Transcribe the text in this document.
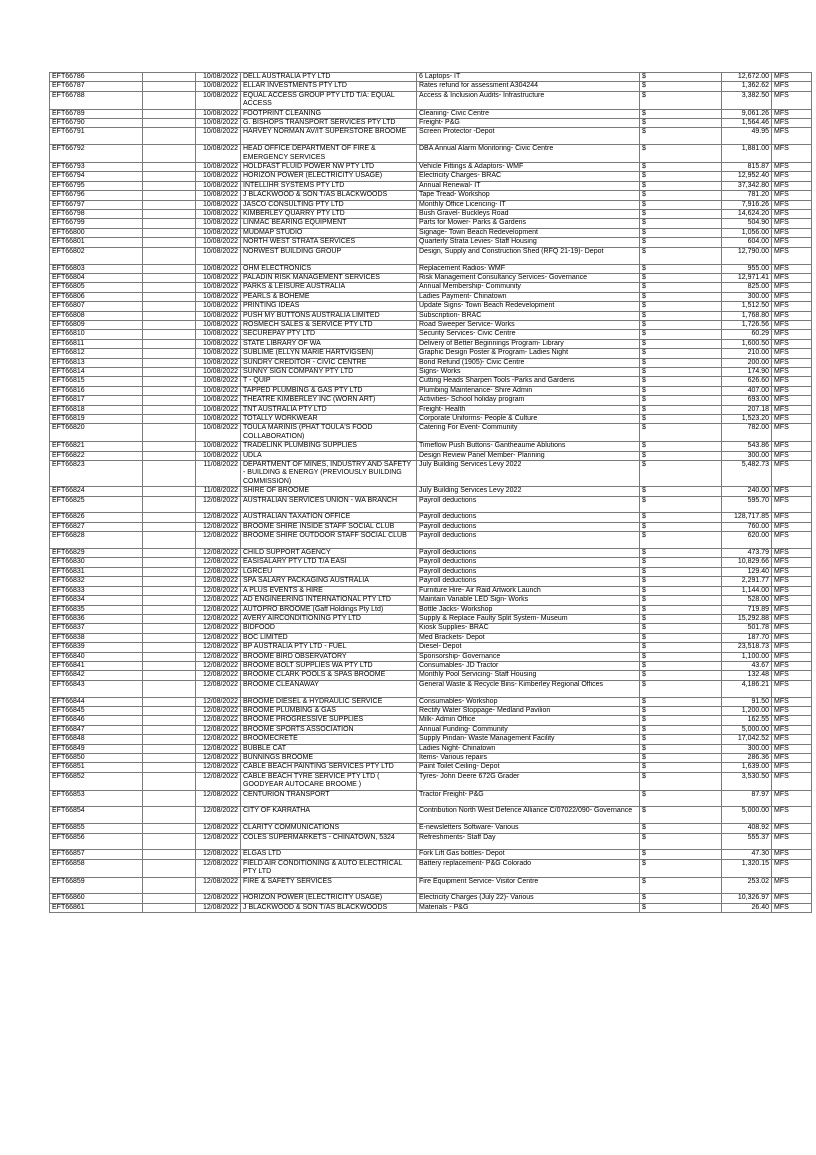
EFT66786		10/08/2022	DELL AUSTRALIA PTY LTD	6 Laptops- IT	$	12,672.00	MFS
EFT66787		10/08/2022	ELLAR INVESTMENTS PTY LTD	Rates refund for assessment A304244	$	1,362.62	MFS
EFT66788		10/08/2022	EQUAL ACCESS GROUP PTY LTD T/A: EQUAL ACCESS	Access & Inclusion Audits- Infrastructure	$	3,382.50	MFS
EFT66789		10/08/2022	FOOTPRINT CLEANING	Cleaning- Civic Centre	$	9,061.26	MFS
EFT66790		10/08/2022	G. BISHOPS TRANSPORT SERVICES PTY LTD	Freight- P&G	$	1,564.46	MFS
EFT66791		10/08/2022	HARVEY NORMAN AV/IT SUPERSTORE BROOME	Screen Protector -Depot	$	49.95	MFS
EFT66792		10/08/2022	HEAD OFFICE DEPARTMENT OF FIRE & EMERGENCY SERVICES	DBA Annual Alarm Monitoring- Civic Centre	$	1,881.00	MFS
EFT66793		10/08/2022	HOLDFAST FLUID POWER NW PTY LTD	Vehicle Fittings & Adaptors- WMF	$	815.87	MFS
EFT66794		10/08/2022	HORIZON POWER (ELECTRICITY USAGE)	Electricity Charges- BRAC	$	12,952.40	MFS
EFT66795		10/08/2022	INTELLIHR SYSTEMS PTY LTD	Annual Renewal- IT	$	37,342.80	MFS
EFT66796		10/08/2022	J BLACKWOOD & SON T/AS BLACKWOODS	Tape Tread- Workshop	$	781.20	MFS
EFT66797		10/08/2022	JASCO CONSULTING PTY LTD	Monthly Office Licencing- IT	$	7,916.26	MFS
EFT66798		10/08/2022	KIMBERLEY QUARRY PTY LTD	Bush Gravel- Buckleys Road	$	14,624.20	MFS
EFT66799		10/08/2022	LINMAC BEARING EQUIPMENT	Parts for Mower- Parks & Gardens	$	504.90	MFS
EFT66800		10/08/2022	MUDMAP STUDIO	Signage- Town Beach Redevelopment	$	1,056.00	MFS
EFT66801		10/08/2022	NORTH WEST STRATA SERVICES	Quarterly Strata Levies- Staff Housing	$	604.00	MFS
EFT66802		10/08/2022	NORWEST BUILDING GROUP	Design, Supply and Construction Shed (RFQ 21-19)- Depot	$	12,790.00	MFS
EFT66803		10/08/2022	OHM ELECTRONICS	Replacement Radios- WMF	$	955.00	MFS
EFT66804		10/08/2022	PALADIN RISK MANAGEMENT SERVICES	Risk Management Consultancy Services- Governance	$	12,971.41	MFS
EFT66805		10/08/2022	PARKS & LEISURE AUSTRALIA	Annual Membership- Community	$	825.00	MFS
EFT66806		10/08/2022	PEARLS & BOHEME	Ladies Payment- Chinatown	$	300.00	MFS
EFT66807		10/08/2022	PRINTING IDEAS	Update Signs- Town Beach Redevelopment	$	1,512.50	MFS
EFT66808		10/08/2022	PUSH MY BUTTONS AUSTRALIA LIMITED	Subscription- BRAC	$	1,768.80	MFS
EFT66809		10/08/2022	ROSMECH SALES & SERVICE PTY LTD	Road Sweeper Service- Works	$	1,726.56	MFS
EFT66810		10/08/2022	SECUREPAY PTY LTD	Security Services- Civic Centre	$	60.29	MFS
EFT66811		10/08/2022	STATE LIBRARY OF WA	Delivery of Better Beginnings Program- Library	$	1,600.50	MFS
EFT66812		10/08/2022	SUBLIME (ELLYN MARIE HARTVIGSEN)	Graphic Design Poster & Program- Ladies Night	$	210.00	MFS
EFT66813		10/08/2022	SUNDRY CREDITOR - CIVIC CENTRE	Bond Refund (1905)- Civic Centre	$	200.00	MFS
EFT66814		10/08/2022	SUNNY SIGN COMPANY PTY LTD	Signs- Works	$	174.90	MFS
EFT66815		10/08/2022	T - QUIP	Cutting Heads Sharpen Tools -Parks and Gardens	$	626.60	MFS
EFT66816		10/08/2022	TAPPED PLUMBING & GAS PTY LTD	Plumbing Maintenance- Shire Admin	$	407.00	MFS
EFT66817		10/08/2022	THEATRE KIMBERLEY INC (WORN ART)	Activities- School holiday program	$	693.00	MFS
EFT66818		10/08/2022	TNT AUSTRALIA PTY LTD	Freight- Health	$	207.18	MFS
EFT66819		10/08/2022	TOTALLY WORKWEAR	Corporate Uniforms- People & Culture	$	1,523.20	MFS
EFT66820		10/08/2022	TOULA MARINIS (PHAT TOULA'S FOOD COLLABORATION)	Catering For Event- Community	$	782.00	MFS
EFT66821		10/08/2022	TRADELINK PLUMBING SUPPLIES	Timeflow Push Buttons- Gantheaume Ablutions	$	543.86	MFS
EFT66822		10/08/2022	UDLA	Design Review Panel Member- Planning	$	300.00	MFS
EFT66823		11/08/2022	DEPARTMENT OF MINES, INDUSTRY AND SAFETY - BUILDING & ENERGY (PREVIOUSLY BUILDING COMMISSION)	July Building Services Levy 2022	$	5,482.73	MFS
EFT66824		11/08/2022	SHIRE OF BROOME	July Building Services Levy 2022	$	240.00	MFS
EFT66825		12/08/2022	AUSTRALIAN SERVICES UNION - WA BRANCH	Payroll deductions	$	595.70	MFS
EFT66826		12/08/2022	AUSTRALIAN TAXATION OFFICE	Payroll deductions	$	128,717.85	MFS
EFT66827		12/08/2022	BROOME SHIRE INSIDE STAFF SOCIAL CLUB	Payroll deductions	$	760.00	MFS
EFT66828		12/08/2022	BROOME SHIRE OUTDOOR STAFF SOCIAL CLUB	Payroll deductions	$	620.00	MFS
EFT66829		12/08/2022	CHILD SUPPORT AGENCY	Payroll deductions	$	473.79	MFS
EFT66830		12/08/2022	EASISALARY PTY LTD T/A EASI	Payroll deductions	$	10,829.66	MFS
EFT66831		12/08/2022	LGRCEU	Payroll deductions	$	129.40	MFS
EFT66832		12/08/2022	SPA SALARY PACKAGING AUSTRALIA	Payroll deductions	$	2,291.77	MFS
EFT66833		12/08/2022	A PLUS EVENTS & HIRE	Furniture Hire- Air Raid Artwork Launch	$	1,144.00	MFS
EFT66834		12/08/2022	AD ENGINEERING INTERNATIONAL PTY LTD	Maintain Variable LED Sign- Works	$	528.00	MFS
EFT66835		12/08/2022	AUTOPRO BROOME (Gaff Holdings Pty Ltd)	Bottle Jacks- Workshop	$	719.89	MFS
EFT66836		12/08/2022	AVERY AIRCONDITIONING PTY LTD	Supply & Replace Faulty Split System- Museum	$	15,292.88	MFS
EFT66837		12/08/2022	BIDFOOD	Kiosk Supplies- BRAC	$	501.78	MFS
EFT66838		12/08/2022	BOC LIMITED	Med Brackets- Depot	$	187.70	MFS
EFT66839		12/08/2022	BP AUSTRALIA PTY LTD - FUEL	Diesel- Depot	$	23,518.73	MFS
EFT66840		12/08/2022	BROOME BIRD OBSERVATORY	Sponsorship- Governance	$	1,100.00	MFS
EFT66841		12/08/2022	BROOME BOLT SUPPLIES WA PTY LTD	Consumables- JD Tractor	$	43.67	MFS
EFT66842		12/08/2022	BROOME CLARK POOLS & SPAS BROOME	Monthly Pool Servicing- Staff Housing	$	132.48	MFS
EFT66843		12/08/2022	BROOME CLEANAWAY	General Waste & Recycle Bins- Kimberley Regional Offices	$	4,186.21	MFS
EFT66844		12/08/2022	BROOME DIESEL & HYDRAULIC SERVICE	Consumables- Workshop	$	91.50	MFS
EFT66845		12/08/2022	BROOME PLUMBING & GAS	Rectify Water Stoppage- Medland Pavilion	$	1,200.00	MFS
EFT66846		12/08/2022	BROOME PROGRESSIVE SUPPLIES	Milk- Admin Office	$	162.55	MFS
EFT66847		12/08/2022	BROOME SPORTS ASSOCIATION	Annual Funding- Community	$	5,000.00	MFS
EFT66848		12/08/2022	BROOMECRETE	Supply Pindan- Waste Management Facility	$	17,042.52	MFS
EFT66849		12/08/2022	BUBBLE CAT	Ladies Night- Chinatown	$	300.00	MFS
EFT66850		12/08/2022	BUNNINGS BROOME	Items- Various repairs	$	286.36	MFS
EFT66851		12/08/2022	CABLE BEACH PAINTING SERVICES PTY LTD	Paint Toilet Ceiling- Depot	$	1,639.00	MFS
EFT66852		12/08/2022	CABLE BEACH TYRE SERVICE PTY LTD ( GOODYEAR AUTOCARE BROOME )	Tyres- John Deere 672G Grader	$	3,530.50	MFS
EFT66853		12/08/2022	CENTURION TRANSPORT	Tractor Freight- P&G	$	87.97	MFS
EFT66854		12/08/2022	CITY OF KARRATHA	Contribution North West Defence Alliance C/07022/090- Governance	$	5,000.00	MFS
EFT66855		12/08/2022	CLARITY COMMUNICATIONS	E-newsletters Software- Various	$	408.92	MFS
EFT66856		12/08/2022	COLES SUPERMARKETS - CHINATOWN, 5324	Refreshments- Staff Day	$	555.37	MFS
EFT66857		12/08/2022	ELGAS LTD	Fork Lift Gas bottles- Depot	$	47.30	MFS
EFT66858		12/08/2022	FIELD AIR CONDITIONING & AUTO ELECTRICAL PTY LTD	Battery replacement- P&G Colorado	$	1,320.15	MFS
EFT66859		12/08/2022	FIRE & SAFETY SERVICES	Fire Equipment Service- Visitor Centre	$	253.02	MFS
EFT66860		12/08/2022	HORIZON POWER (ELECTRICITY USAGE)	Electricity Charges (July 22)- Various	$	10,326.97	MFS
EFT66861		12/08/2022	J BLACKWOOD & SON T/AS BLACKWOODS	Materials - P&G	$	26.40	MFS
